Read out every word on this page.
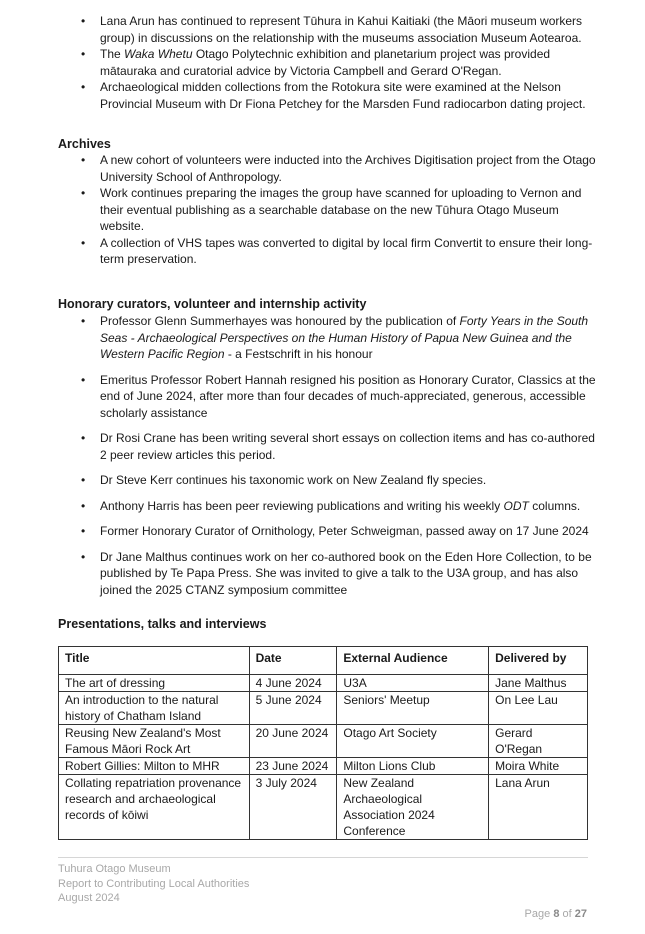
• Lana Arun has continued to represent Tūhura in Kahui Kaitiaki (the Māori museum workers group) in discussions on the relationship with the museums association Museum Aotearoa.
• The Waka Whetu Otago Polytechnic exhibition and planetarium project was provided mātauraka and curatorial advice by Victoria Campbell and Gerard O'Regan.
• Archaeological midden collections from the Rotokura site were examined at the Nelson Provincial Museum with Dr Fiona Petchey for the Marsden Fund radiocarbon dating project.
Archives
• A new cohort of volunteers were inducted into the Archives Digitisation project from the Otago University School of Anthropology.
• Work continues preparing the images the group have scanned for uploading to Vernon and their eventual publishing as a searchable database on the new Tūhura Otago Museum website.
• A collection of VHS tapes was converted to digital by local firm Convertit to ensure their long-term preservation.
Honorary curators, volunteer and internship activity
• Professor Glenn Summerhayes was honoured by the publication of Forty Years in the South Seas - Archaeological Perspectives on the Human History of Papua New Guinea and the Western Pacific Region - a Festschrift in his honour
• Emeritus Professor Robert Hannah resigned his position as Honorary Curator, Classics at the end of June 2024, after more than four decades of much-appreciated, generous, accessible scholarly assistance
• Dr Rosi Crane has been writing several short essays on collection items and has co-authored 2 peer review articles this period.
• Dr Steve Kerr continues his taxonomic work on New Zealand fly species.
• Anthony Harris has been peer reviewing publications and writing his weekly ODT columns.
• Former Honorary Curator of Ornithology, Peter Schweigman, passed away on 17 June 2024
• Dr Jane Malthus continues work on her co-authored book on the Eden Hore Collection, to be published by Te Papa Press. She was invited to give a talk to the U3A group, and has also joined the 2025 CTANZ symposium committee
Presentations, talks and interviews
Title	Date	External Audience	Delivered by
The art of dressing	4 June 2024	U3A	Jane Malthus
An introduction to the natural history of Chatham Island	5 June 2024	Seniors' Meetup	On Lee Lau
Reusing New Zealand's Most Famous Māori Rock Art	20 June 2024	Otago Art Society	Gerard O'Regan
Robert Gillies: Milton to MHR	23 June 2024	Milton Lions Club	Moira White
Collating repatriation provenance research and archaeological records of kōiwi	3 July 2024	New Zealand Archaeological Association 2024 Conference	Lana Arun
Tuhura Otago Museum
Report to Contributing Local Authorities
August 2024
Page 8 of 27
